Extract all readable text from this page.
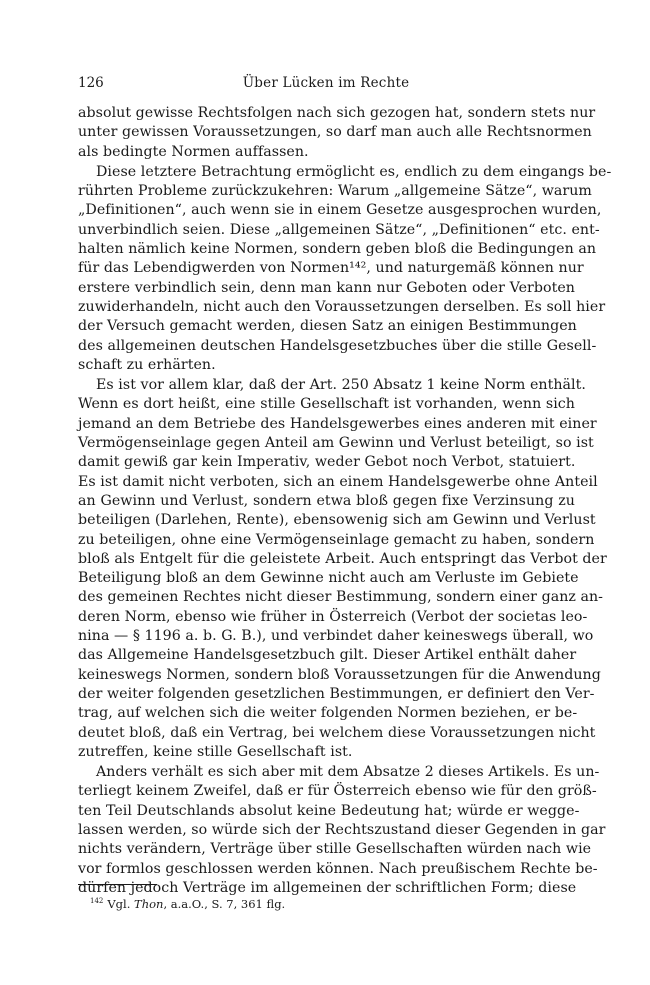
126	Über Lücken im Rechte
absolut gewisse Rechtsfolgen nach sich gezogen hat, sondern stets nur
unter gewissen Voraussetzungen, so darf man auch alle Rechtsnormen
als bedingte Normen auffassen.
Diese letztere Betrachtung ermöglicht es, endlich zu dem eingangs be-
rührten Probleme zurückzukehren: Warum „allgemeine Sätze“, warum
„Definitionen“, auch wenn sie in einem Gesetze ausgesprochen wurden,
unverbindlich seien. Diese „allgemeinen Sätze“, „Definitionen“ etc. ent-
halten nämlich keine Normen, sondern geben bloß die Bedingungen an
für das Lebendigwerden von Normen¹⁴², und naturgemäß können nur
erstere verbindlich sein, denn man kann nur Geboten oder Verboten
zuwiderhandeln, nicht auch den Voraussetzungen derselben. Es soll hier
der Versuch gemacht werden, diesen Satz an einigen Bestimmungen
des allgemeinen deutschen Handelsgesetzbuches über die stille Gesell-
schaft zu erhärten.
Es ist vor allem klar, daß der Art. 250 Absatz 1 keine Norm enthält.
Wenn es dort heißt, eine stille Gesellschaft ist vorhanden, wenn sich
jemand an dem Betriebe des Handelsgewerbes eines anderen mit einer
Vermögenseinlage gegen Anteil am Gewinn und Verlust beteiligt, so ist
damit gewiß gar kein Imperativ, weder Gebot noch Verbot, statuiert.
Es ist damit nicht verboten, sich an einem Handelsgewerbe ohne Anteil
an Gewinn und Verlust, sondern etwa bloß gegen fixe Verzinsung zu
beteiligen (Darlehen, Rente), ebensowenig sich am Gewinn und Verlust
zu beteiligen, ohne eine Vermögenseinlage gemacht zu haben, sondern
bloß als Entgelt für die geleistete Arbeit. Auch entspringt das Verbot der
Beteiligung bloß an dem Gewinne nicht auch am Verluste im Gebiete
des gemeinen Rechtes nicht dieser Bestimmung, sondern einer ganz an-
deren Norm, ebenso wie früher in Österreich (Verbot der societas leo-
nina — § 1196 a. b. G. B.), und verbindet daher keineswegs überall, wo
das Allgemeine Handelsgesetzbuch gilt. Dieser Artikel enthält daher
keineswegs Normen, sondern bloß Voraussetzungen für die Anwendung
der weiter folgenden gesetzlichen Bestimmungen, er definiert den Ver-
trag, auf welchen sich die weiter folgenden Normen beziehen, er be-
deutet bloß, daß ein Vertrag, bei welchem diese Voraussetzungen nicht
zutreffen, keine stille Gesellschaft ist.
Anders verhält es sich aber mit dem Absatze 2 dieses Artikels. Es un-
terliegt keinem Zweifel, daß er für Österreich ebenso wie für den größ-
ten Teil Deutschlands absolut keine Bedeutung hat; würde er wegge-
lassen werden, so würde sich der Rechtszustand dieser Gegenden in gar
nichts verändern, Verträge über stille Gesellschaften würden nach wie
vor formlos geschlossen werden können. Nach preußischem Rechte be-
dürfen jedoch Verträge im allgemeinen der schriftlichen Form; diese
$^{142}$ Vgl. Thon, a.a.O., S. 7, 361 flg.
